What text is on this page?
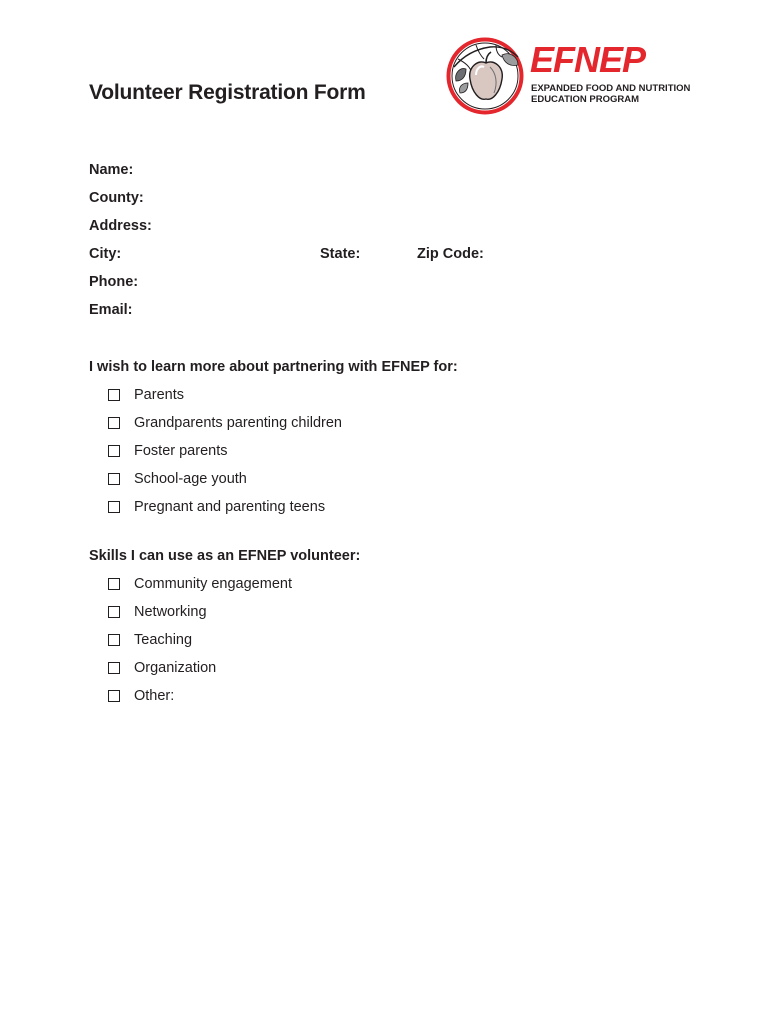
Volunteer Registration Form
EFNEP
EXPANDED FOOD AND NUTRITION
EDUCATION PROGRAM
Name:
County:
Address:
City:	State:	Zip Code:
Phone:
Email:
I wish to learn more about partnering with EFNEP for:
Parents
Grandparents parenting children
Foster parents
School-age youth
Pregnant and parenting teens
Skills I can use as an EFNEP volunteer:
Community engagement
Networking
Teaching
Organization
Other:
